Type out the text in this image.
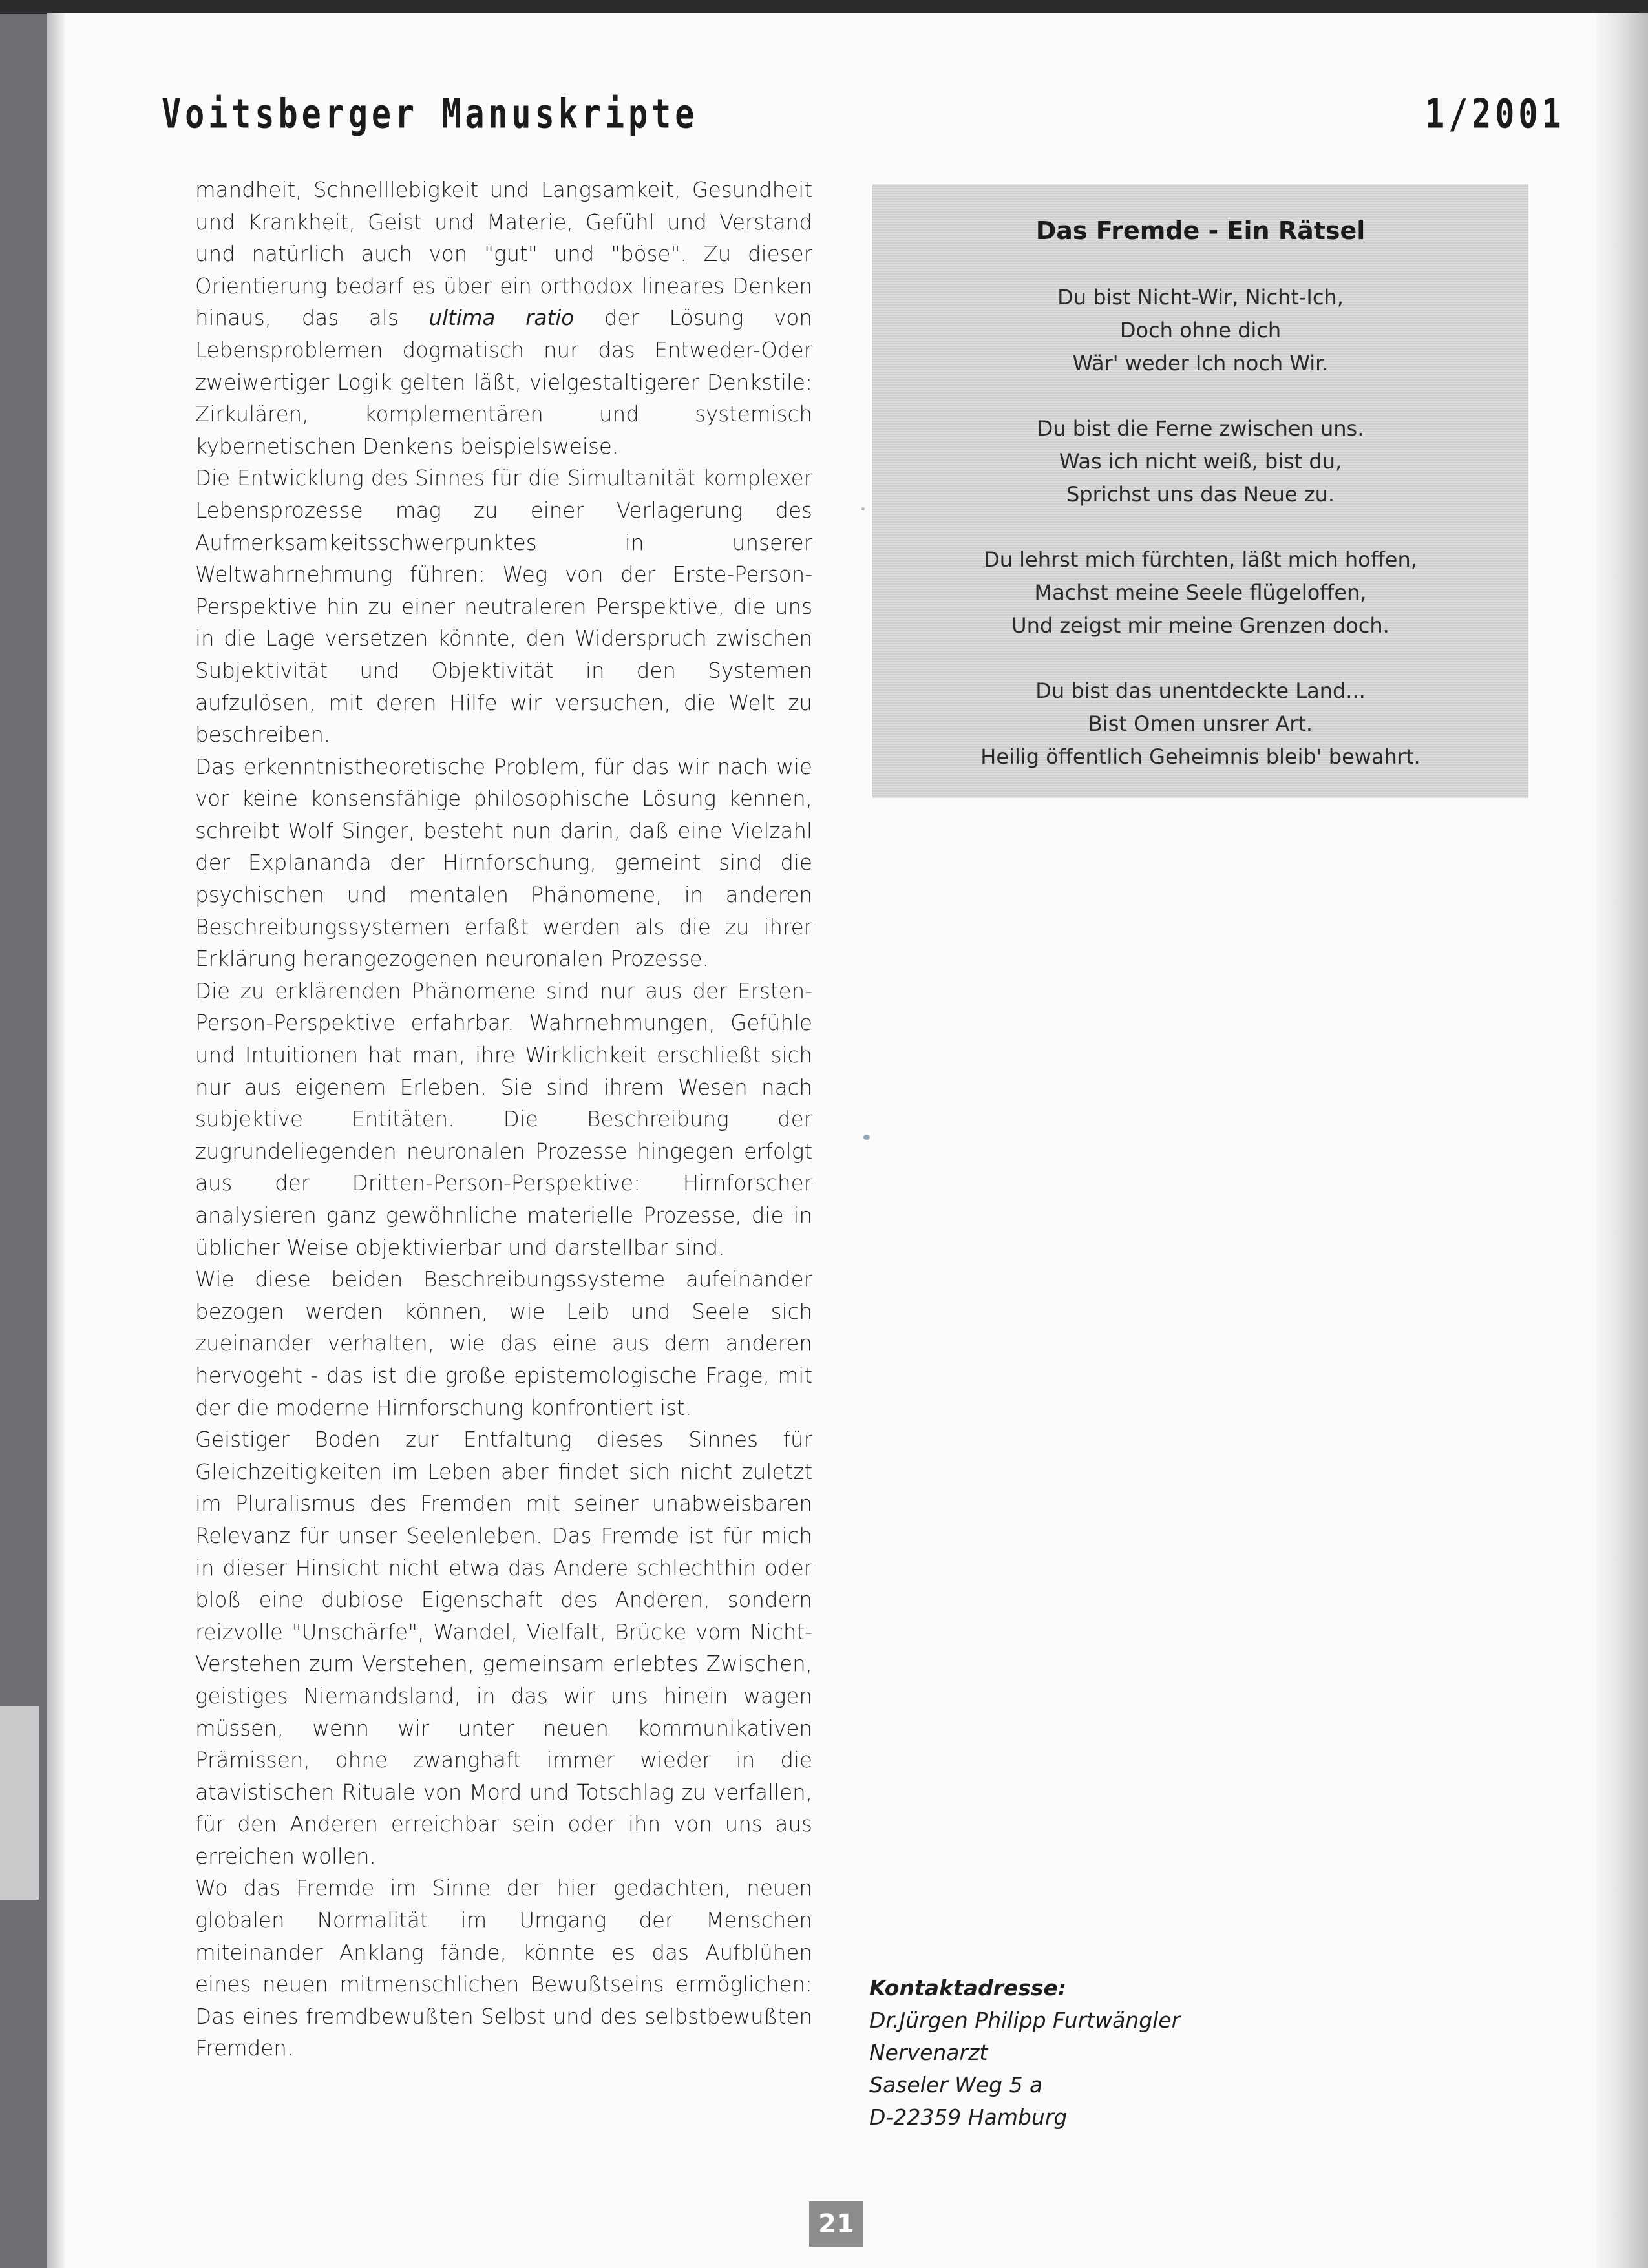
Voitsberger Manuskripte	1/2001

mandheit, Schnelllebigkeit und Langsamkeit, Gesundheit und Krankheit, Geist und Materie, Gefühl und Verstand und natürlich auch von "gut" und "böse". Zu dieser Orientierung bedarf es über ein orthodox lineares Denken hinaus, das als ultima ratio der Lösung von Lebensproblemen dogmatisch nur das Entweder-Oder zweiwertiger Logik gelten läßt, vielgestaltigerer Denkstile: Zirkulären, komplementären und systemisch kybernetischen Denkens beispielsweise.

Die Entwicklung des Sinnes für die Simultanität komplexer Lebensprozesse mag zu einer Verlagerung des Aufmerksamkeitsschwerpunktes in unserer Weltwahrnehmung führen: Weg von der Erste-Person-Perspektive hin zu einer neutraleren Perspektive, die uns in die Lage versetzen könnte, den Widerspruch zwischen Subjektivität und Objektivität in den Systemen aufzulösen, mit deren Hilfe wir versuchen, die Welt zu beschreiben.

Das erkenntnistheoretische Problem, für das wir nach wie vor keine konsensfähige philosophische Lösung kennen, schreibt Wolf Singer, besteht nun darin, daß eine Vielzahl der Explananda der Hirnforschung, gemeint sind die psychischen und mentalen Phänomene, in anderen Beschreibungssystemen erfaßt werden als die zu ihrer Erklärung herangezogenen neuronalen Prozesse.

Die zu erklärenden Phänomene sind nur aus der Ersten-Person-Perspektive erfahrbar. Wahrnehmungen, Gefühle und Intuitionen hat man, ihre Wirklichkeit erschließt sich nur aus eigenem Erleben. Sie sind ihrem Wesen nach subjektive Entitäten. Die Beschreibung der zugrundeliegenden neuronalen Prozesse hingegen erfolgt aus der Dritten-Person-Perspektive: Hirnforscher analysieren ganz gewöhnliche materielle Prozesse, die in üblicher Weise objektivierbar und darstellbar sind.

Wie diese beiden Beschreibungssysteme aufeinander bezogen werden können, wie Leib und Seele sich zueinander verhalten, wie das eine aus dem anderen hervogeht - das ist die große epistemologische Frage, mit der die moderne Hirnforschung konfrontiert ist.

Geistiger Boden zur Entfaltung dieses Sinnes für Gleichzeitigkeiten im Leben aber findet sich nicht zuletzt im Pluralismus des Fremden mit seiner unabweisbaren Relevanz für unser Seelenleben. Das Fremde ist für mich in dieser Hinsicht nicht etwa das Andere schlechthin oder bloß eine dubiose Eigenschaft des Anderen, sondern reizvolle "Unschärfe", Wandel, Vielfalt, Brücke vom Nicht-Verstehen zum Verstehen, gemeinsam erlebtes Zwischen, geistiges Niemandsland, in das wir uns hinein wagen müssen, wenn wir unter neuen kommunikativen Prämissen, ohne zwanghaft immer wieder in die atavistischen Rituale von Mord und Totschlag zu verfallen, für den Anderen erreichbar sein oder ihn von uns aus erreichen wollen.

Wo das Fremde im Sinne der hier gedachten, neuen globalen Normalität im Umgang der Menschen miteinander Anklang fände, könnte es das Aufblühen eines neuen mitmenschlichen Bewußtseins ermöglichen: Das eines fremdbewußten Selbst und des selbstbewußten Fremden.

Das Fremde - Ein Rätsel
Du bist Nicht-Wir, Nicht-Ich,
Doch ohne dich
Wär' weder Ich noch Wir.
Du bist die Ferne zwischen uns.
Was ich nicht weiß, bist du,
Sprichst uns das Neue zu.
Du lehrst mich fürchten, läßt mich hoffen,
Machst meine Seele flügeloffen,
Und zeigst mir meine Grenzen doch.
Du bist das unentdeckte Land...
Bist Omen unsrer Art.
Heilig öffentlich Geheimnis bleib' bewahrt.
Kontaktadresse:
Dr.Jürgen Philipp Furtwängler
Nervenarzt
Saseler Weg 5 a
D-22359 Hamburg
21
